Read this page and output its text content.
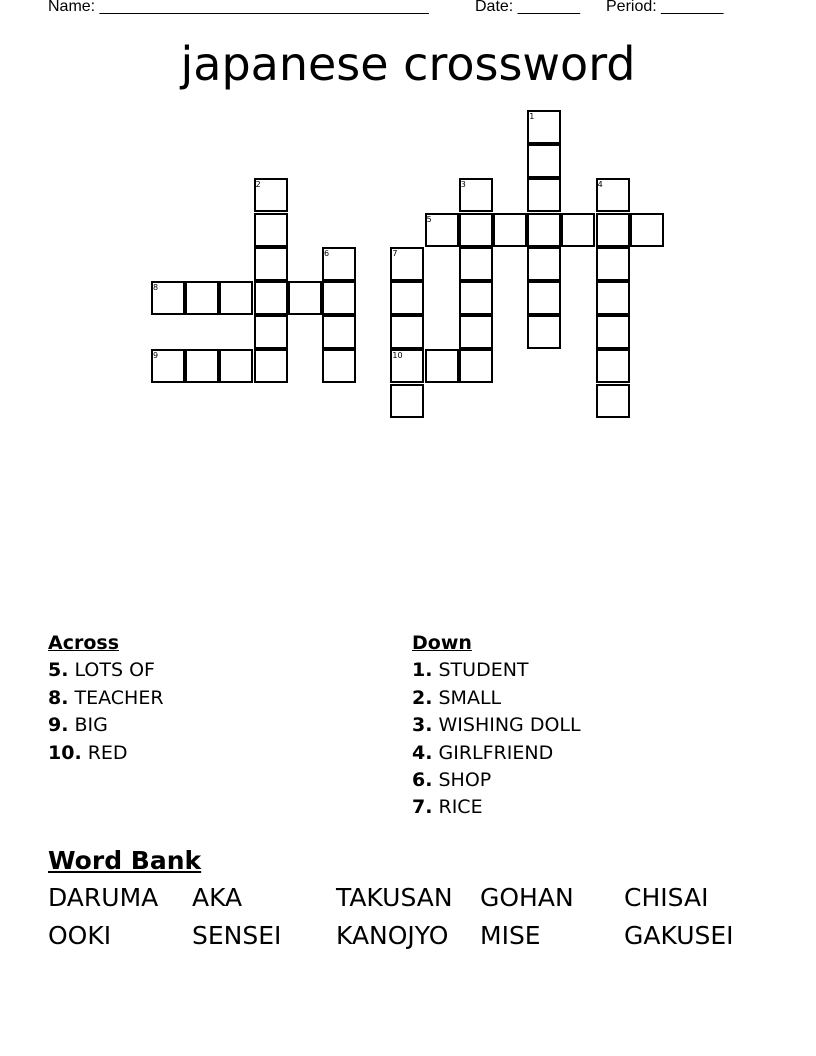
Name: _____________________________________

	Date: _______

Period: _______

japanese crossword
1
2	3	4
5
6	7
8
9	10
Across
5. LOTS OF
8. TEACHER
9. BIG
10. RED
Down
1. STUDENT
2. SMALL
3. WISHING DOLL
4. GIRLFRIEND
6. SHOP
7. RICE
Word Bank
DARUMA	AKA	TAKUSAN	GOHAN	CHISAI
OOKI	SENSEI	KANOJYO	MISE	GAKUSEI
